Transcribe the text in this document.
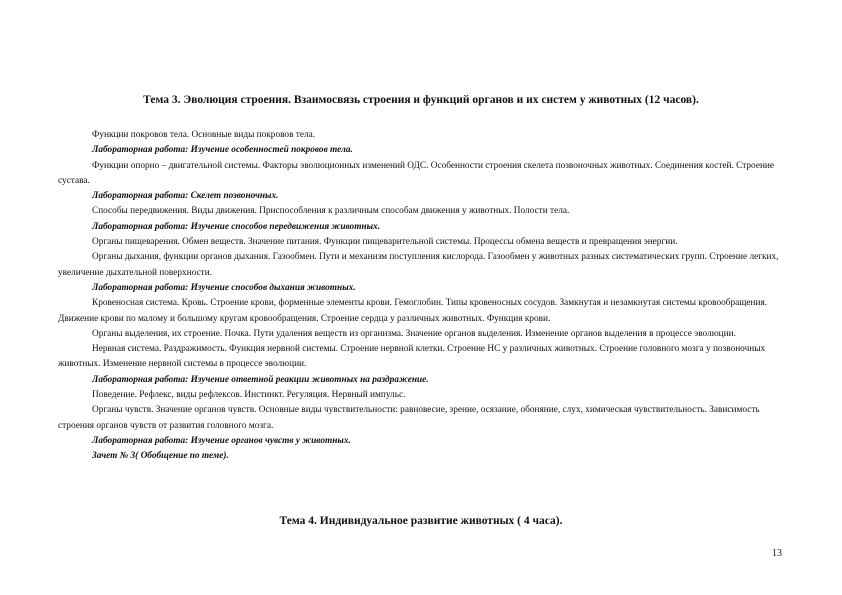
Тема 3. Эволюция строения. Взаимосвязь строения и функций органов и их систем у животных (12 часов).

Функции покровов тела. Основные виды покровов тела.

Лабораторная работа: Изучение особенностей покровов тела.

Функции опорно – двигательной системы. Факторы эволюционных изменений ОДС. Особенности строения скелета позвоночных животных. Соединения костей. Строение сустава.

Лабораторная работа: Скелет позвоночных.

Способы передвижения. Виды движения. Приспособления к различным способам движения у животных. Полости тела.

Лабораторная работа: Изучение способов передвижения животных.

Органы пищеварения. Обмен веществ. Значение питания. Функции пищеварительной системы. Процессы обмена веществ и превращения энергии.

Органы дыхания, функции органов дыхания. Газообмен. Пути и механизм поступления кислорода. Газообмен у животных разных систематических групп. Строение легких, увеличение дыхательной поверхности.

Лабораторная работа: Изучение способов дыхания животных.

Кровеносная система. Кровь. Строение крови, форменные элементы крови. Гемоглобин. Типы кровеносных сосудов. Замкнутая и незамкнутая системы кровообращения. Движение крови по малому и большому кругам кровообращения. Строение сердца у различных животных. Функция крови.

Органы выделения, их строение. Почка. Пути удаления веществ из организма. Значение органов выделения. Изменение органов выделения в процессе эволюции.

Нервная система. Раздражимость. Функция нервной системы. Строение нервной клетки. Строение НС у различных животных. Строение головного мозга у позвоночных животных. Изменение нервной системы в процессе эволюции.

Лабораторная работа: Изучение ответной реакции животных на раздражение.

Поведение. Рефлекс, виды рефлексов. Инстинкт. Регуляция. Нервный импульс.

Органы чувств. Значение органов чувств. Основные виды чувствительности: равновесие, зрение, осязание, обоняние, слух, химическая чувствительность. Зависимость строения органов чувств от развития головного мозга.

Лабораторная работа: Изучение органов чувств у животных.

Зачет № 3( Обобщение по теме).

Тема 4. Индивидуальное развитие животных ( 4 часа).
13
